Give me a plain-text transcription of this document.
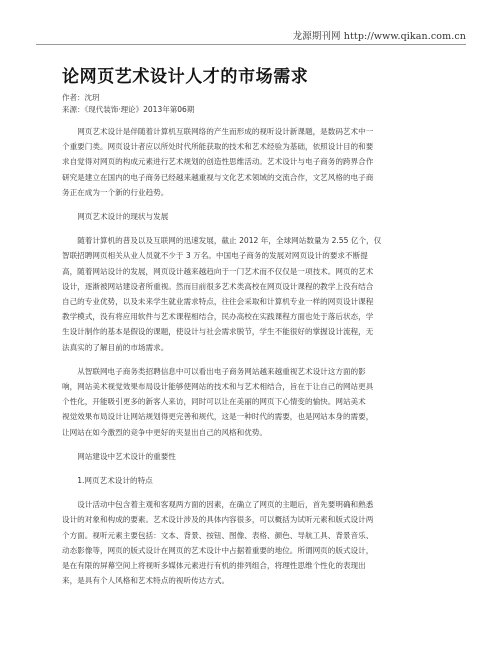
龙源期刊网 http://www.qikan.com.cn
论网页艺术设计人才的市场需求
作者：沈玥
来源：《现代装饰·理论》2013年第06期

网页艺术设计是伴随着计算机互联网络的产生而形成的视听设计新课题，是数码艺术中一
个重要门类。网页设计者应以所处时代所能获取的技术和艺术经验为基础，依照设计目的和要
求自觉得对网页的构成元素进行艺术规划的创造性思维活动。艺术设计与电子商务的跨界合作
研究是建立在国内的电子商务已经越来越重视与文化艺术领域的交流合作，文艺风格的电子商
务正在成为一个新的行业趋势。

网页艺术设计的现状与发展

随着计算机的普及以及互联网的迅速发展，截止 2012 年，全球网站数量为 2.55 亿个，仅
智联招聘网页相关从业人员就不少于 3 万名。中国电子商务的发展对网页设计的要求不断提
高，随着网站设计的发展，网页设计越来越趋向于一门艺术而不仅仅是一项技术。网页的艺术
设计，逐渐被网站建设者所重视。然而目前很多艺术类高校在网页设计课程的教学上没有结合
自己的专业优势，以及未来学生就业需求特点，往往会采取和计算机专业一样的网页设计课程
教学模式，没有将应用软件与艺术课程相结合，民办高校在实践课程方面也处于落后状态，学
生设计制作的基本是假设的课题，使设计与社会需求脱节，学生不能很好的掌握设计流程，无
法真实的了解目前的市场需求。

从智联网电子商务类招聘信息中可以看出电子商务网站越来越重视艺术设计这方面的影
响，网站美术视觉效果布局设计能够使网站的技术和与艺术相结合，旨在于让自己的网站更具
个性化，开能吸引更多的新客人来访，同时可以让在美丽的网页下心情变的愉快。网站美术
视觉效果布局设计让网站规划得更完善和规代，这是一种时代的需要，也是网站本身的需要，
让网站在如今激烈的竞争中更好的夹显出自己的风格和优势。

网站建设中艺术设计的重要性

1.网页艺术设计的特点

设计活动中包含着主观和客观两方面的因素，在确立了网页的主题后，首先要明确和熟悉
设计的对象和构成的要素。艺术设计涉及的具体内容很多，可以概括为试听元素和版式设计两
个方面。视听元素主要包括：文本、背景、按钮、图像、表格、颜色、导航工具、背景音乐、
动态影像等，网页的版式设计在网页的艺术设计中占据着重要的地位。所谓网页的版式设计，
是在有限的屏幕空间上将视听多媒体元素进行有机的排列组合，将理性思维个性化的表现出
来，是具有个人风格和艺术特点的视听传达方式。
